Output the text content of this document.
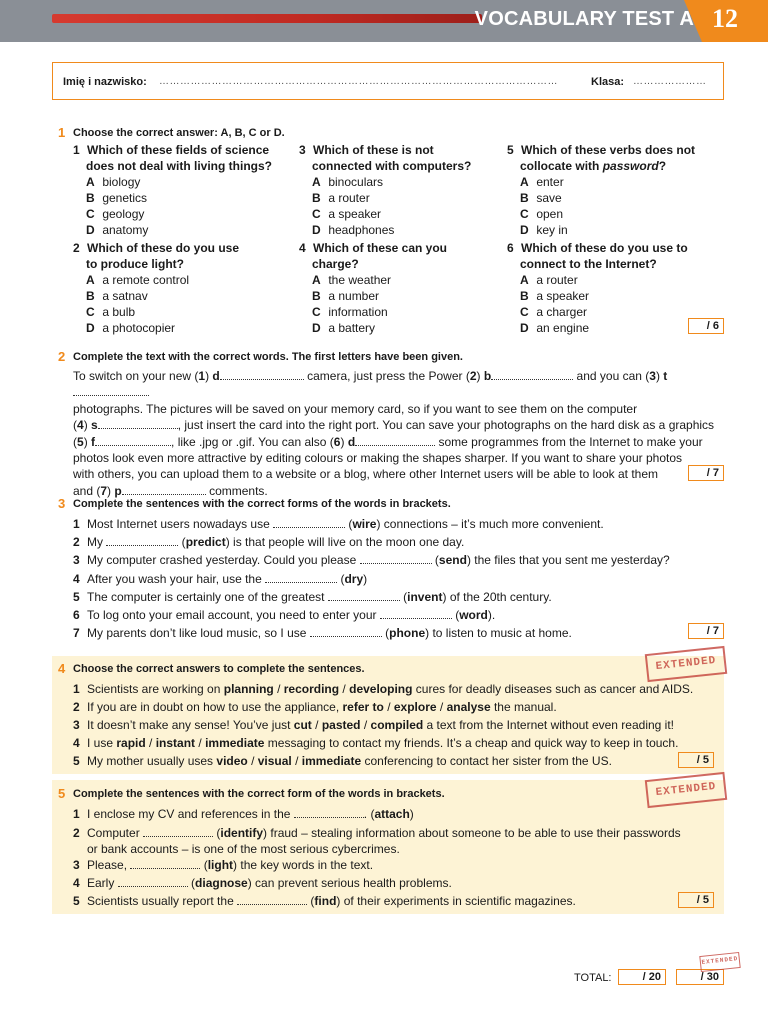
VOCABULARY TEST A 12
Imię i nazwisko: ……………………………………………………………………………………………………	Klasa: …………………
1 Choose the correct answer: A, B, C or D.
1 Which of these fields of science
does not deal with living things?
A biology
B genetics
C geology
D anatomy
2 Which of these do you use
to produce light?
A a remote control
B a satnav
C a bulb
D a photocopier
3 Which of these is not
connected with computers?
A binoculars
B a router
C a speaker
D headphones
4 Which of these can you
charge?
A the weather
B a number
C information
D a battery
5 Which of these verbs does not
collocate with password?
A enter
B save
C open
D key in
6 Which of these do you use to
connect to the Internet?
A a router
B a speaker
C a charger
D an engine	/ 6
2 Complete the text with the correct words. The first letters have been given.
To switch on your new (1) d	camera, just press the Power (2) b	and you can (3) t
photographs. The pictures will be saved on your memory card, so if you want to see them on the computer
(4) s	, just insert the card into the right port. You can save your photographs on the hard disk as a graphics
(5) f	, like .jpg or .gif. You can also (6) d	some programmes from the Internet to make your
photos look even more attractive by editing colours or making the shapes sharper. If you want to share your photos
with others, you can upload them to a website or a blog, where other Internet users will be able to look at them
and (7) p	comments.
/ 7
3 Complete the sentences with the correct forms of the words in brackets.
1 Most Internet users nowadays use	(wire) connections – it’s much more convenient.
2 My	(predict) is that people will live on the moon one day.
3 My computer crashed yesterday. Could you please	(send) the files that you sent me yesterday?
4 After you wash your hair, use the	(dry)
5 The computer is certainly one of the greatest	(invent) of the 20th century.
6 To log onto your email account, you need to enter your	(word).
7 My parents don’t like loud music, so I use	(phone) to listen to music at home.	/ 7
4 Choose the correct answers to complete the sentences.	EXTENDED
1 Scientists are working on planning / recording / developing cures for deadly diseases such as cancer and AIDS.
2 If you are in doubt on how to use the appliance, refer to / explore / analyse the manual.
3 It doesn’t make any sense! You’ve just cut / pasted / compiled a text from the Internet without even reading it!
4 I use rapid / instant / immediate messaging to contact my friends. It’s a cheap and quick way to keep in touch.
5 My mother usually uses video / visual / immediate conferencing to contact her sister from the US.	/ 5
5 Complete the sentences with the correct form of the words in brackets.	EXTENDED
1 I enclose my CV and references in the	. (attach)
2 Computer	(identify) fraud – stealing information about someone to be able to use their passwords
or bank accounts – is one of the most serious cybercrimes.
3 Please,	(light) the key words in the text.
4 Early	(diagnose) can prevent serious health problems.
5 Scientists usually report the	(find) of their experiments in scientific magazines.	/ 5
TOTAL:	/ 20	/ 30
EXTENDED
